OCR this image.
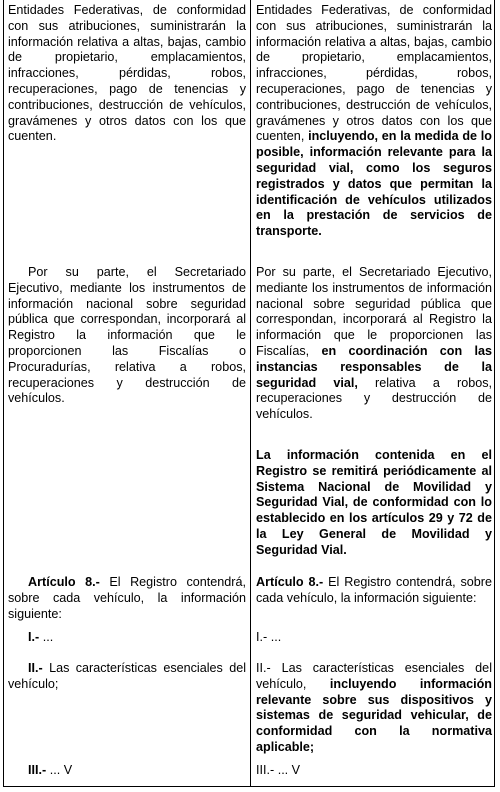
Entidades Federativas, de conformidad con sus atribuciones, suministrarán la información relativa a altas, bajas, cambio de propietario, emplacamientos, infracciones, pérdidas, robos, recuperaciones, pago de tenencias y contribuciones, destrucción de vehículos, gravámenes y otros datos con los que cuenten.

Por su parte, el Secretariado Ejecutivo, mediante los instrumentos de información nacional sobre seguridad pública que correspondan, incorporará al Registro la información que le proporcionen las Fiscalías o Procuradurías, relativa a robos, recuperaciones y destrucción de vehículos.

Artículo 8.- El Registro contendrá, sobre cada vehículo, la información siguiente:

I.- ...

II.- Las características esenciales del vehículo;

III.- ... V

Entidades Federativas, de conformidad con sus atribuciones, suministrarán la información relativa a altas, bajas, cambio de propietario, emplacamientos, infracciones, pérdidas, robos, recuperaciones, pago de tenencias y contribuciones, destrucción de vehículos, gravámenes y otros datos con los que cuenten, incluyendo, en la medida de lo posible, información relevante para la seguridad vial, como los seguros registrados y datos que permitan la identificación de vehículos utilizados en la prestación de servicios de transporte.

Por su parte, el Secretariado Ejecutivo, mediante los instrumentos de información nacional sobre seguridad pública que correspondan, incorporará al Registro la información que le proporcionen las Fiscalías, en coordinación con las instancias responsables de la seguridad vial, relativa a robos, recuperaciones y destrucción de vehículos.

La información contenida en el Registro se remitirá periódicamente al Sistema Nacional de Movilidad y Seguridad Vial, de conformidad con lo establecido en los artículos 29 y 72 de la Ley General de Movilidad y Seguridad Vial.

Artículo 8.- El Registro contendrá, sobre cada vehículo, la información siguiente:

I.- ...

II.- Las características esenciales del vehículo, incluyendo información relevante sobre sus dispositivos y sistemas de seguridad vehicular, de conformidad con la normativa aplicable;

III.- ... V
